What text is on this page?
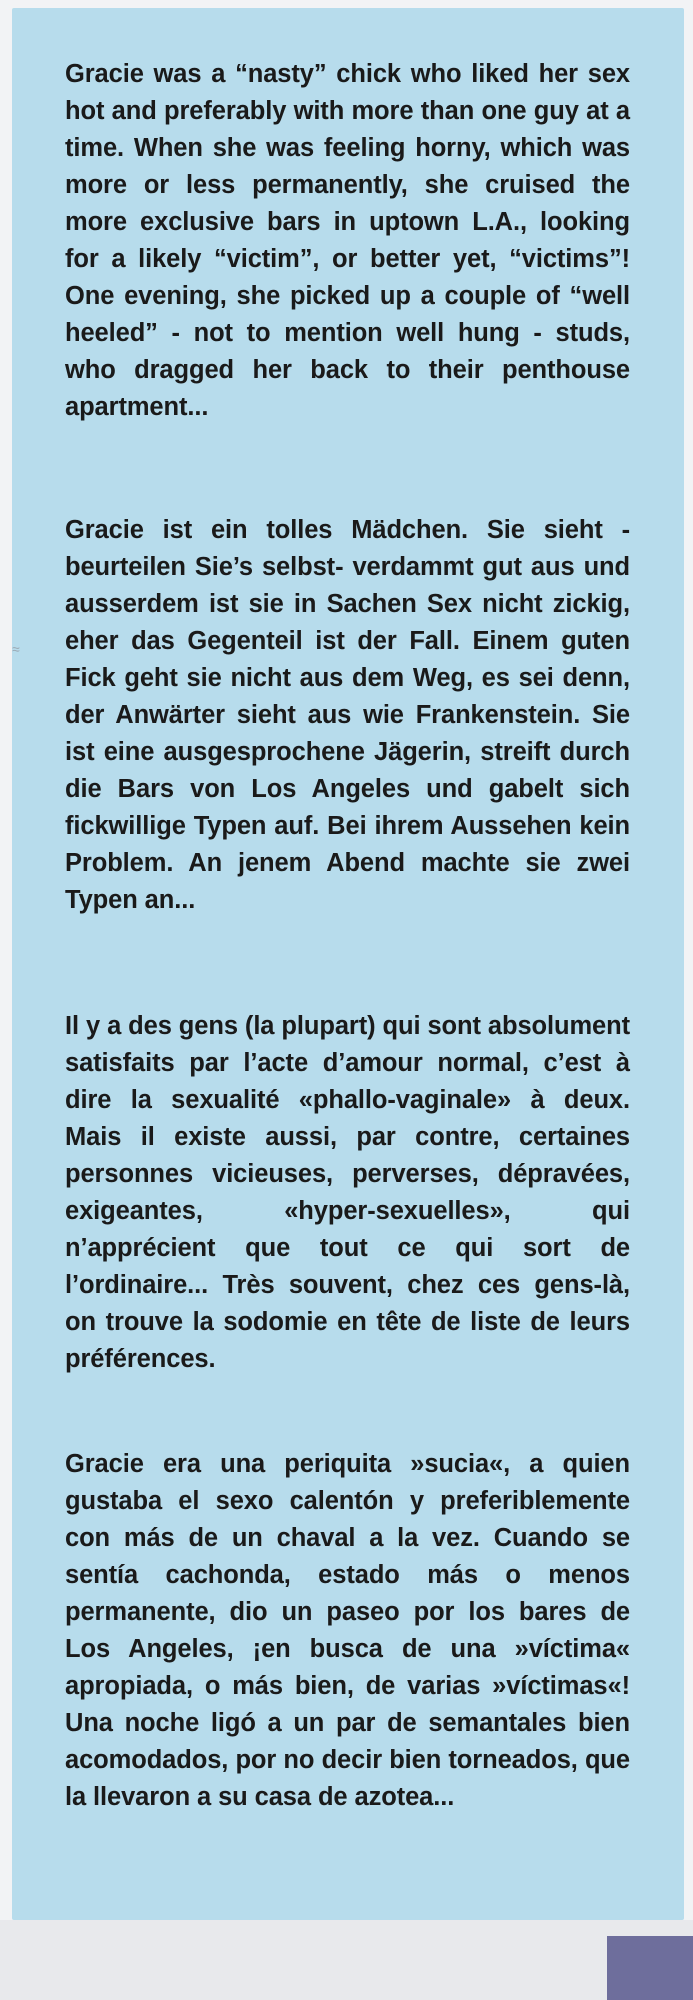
≈

Gracie was a “nasty” chick who liked her sex hot and preferably with more than one guy at a time. When she was feeling horny, which was more or less permanently, she cruised the more exclusive bars in uptown L.A., looking for a likely “victim”, or better yet, “victims”! One evening, she picked up a couple of “well heeled” - not to mention well hung - studs, who dragged her back to their penthouse apartment...

Gracie ist ein tolles Mädchen. Sie sieht - beurteilen Sie’s selbst- verdammt gut aus und ausserdem ist sie in Sachen Sex nicht zickig, eher das Gegenteil ist der Fall. Einem guten Fick geht sie nicht aus dem Weg, es sei denn, der Anwärter sieht aus wie Frankenstein. Sie ist eine ausgesprochene Jägerin, streift durch die Bars von Los Angeles und gabelt sich fickwillige Typen auf. Bei ihrem Aussehen kein Problem. An jenem Abend machte sie zwei Typen an...

Il y a des gens (la plupart) qui sont absolument satisfaits par l’acte d’amour normal, c’est à dire la sexualité «phallo-vaginale» à deux. Mais il existe aussi, par contre, certaines personnes vicieuses, perverses, dépravées, exigeantes, «hyper-sexuelles», qui n’apprécient que tout ce qui sort de l’ordinaire... Très souvent, chez ces gens-là, on trouve la sodomie en tête de liste de leurs préférences.

Gracie era una periquita »sucia«, a quien gustaba el sexo calentón y preferiblemente con más de un chaval a la vez. Cuando se sentía cachonda, estado más o menos permanente, dio un paseo por los bares de Los Angeles, ¡en busca de una »víctima« apropiada, o más bien, de varias »víctimas«! Una noche ligó a un par de semantales bien acomodados, por no decir bien torneados, que la llevaron a su casa de azotea...
